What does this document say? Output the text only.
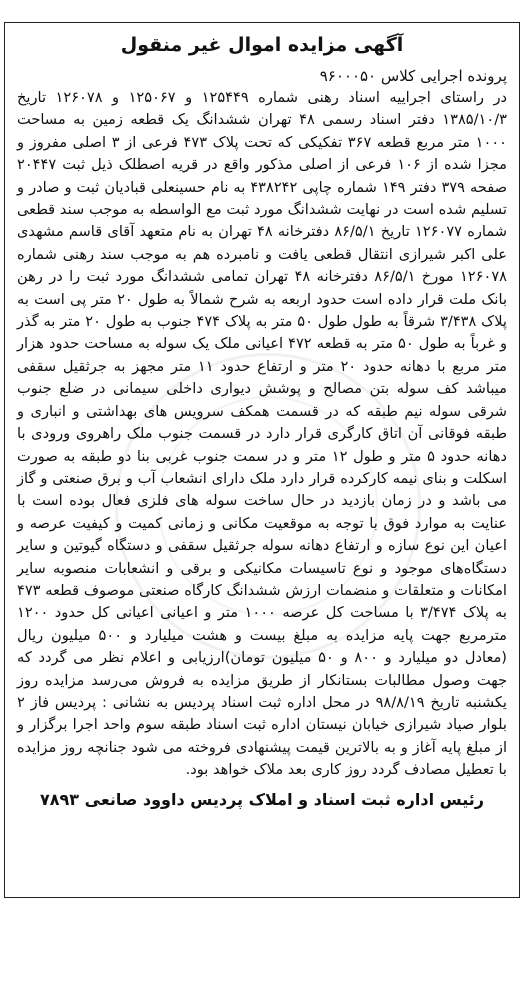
آگهی مزایده اموال غیر منقول

پرونده اجرایی کلاس ۹۶۰۰۰۵۰

در راستای اجراییه اسناد رهنی شماره ۱۲۵۴۴۹ و ۱۲۵۰۶۷ و ۱۲۶۰۷۸ تاریخ ۱۳۸۵/۱۰/۳ دفتر اسناد رسمی ۴۸ تهران ششدانگ یک قطعه زمین به مساحت ۱۰۰۰ متر مربع قطعه ۳۶۷ تفکیکی که تحت پلاک ۴۷۳ فرعی از ۳ اصلی مفروز و مجزا شده از ۱۰۶ فرعی از اصلی مذکور واقع در قریه اصطلک ذیل ثبت ۲۰۴۴۷ صفحه ۳۷۹ دفتر ۱۴۹ شماره چاپی ۴۳۸۲۴۲ به نام حسینعلی قبادیان ثبت و صادر و تسلیم شده است در نهایت ششدانگ مورد ثبت مع الواسطه به موجب سند قطعی شماره ۱۲۶۰۷۷ تاریخ ۸۶/۵/۱ دفترخانه ۴۸ تهران به نام متعهد آقای قاسم مشهدی علی اکبر شیرازی انتقال قطعی یافت و نامبرده هم به موجب سند رهنی شماره ۱۲۶۰۷۸ مورخ ۸۶/۵/۱ دفترخانه ۴۸ تهران تمامی ششدانگ مورد ثبت را در رهن بانک ملت قرار داده است حدود اربعه به شرح شمالاً به طول ۲۰ متر پی است به پلاک ۳/۴۳۸ شرقاً به طول طول ۵۰ متر به پلاک ۴۷۴ جنوب به طول ۲۰ متر به گذر و غرباً به طول ۵۰ متر به قطعه ۴۷۲ اعیانی ملک یک سوله به مساحت حدود هزار متر مربع با دهانه حدود ۲۰ متر و ارتفاع حدود ۱۱ متر مجهز به جرثقیل سقفی میباشد کف سوله بتن مصالح و پوشش دیواری داخلی سیمانی در ضلع جنوب شرقی سوله نیم طبقه که در قسمت همکف سرویس های بهداشتی و انباری و طبقه فوقانی آن اتاق کارگری قرار دارد در قسمت جنوب ملک راهروی ورودی با دهانه حدود ۵ متر و طول ۱۲ متر و در سمت جنوب غربی بنا دو طبقه به صورت اسکلت و بنای نیمه کارکرده قرار دارد ملک دارای انشعاب آب و برق صنعتی و گاز می باشد و در زمان بازدید در حال ساخت سوله های فلزی فعال بوده است با عنایت به موارد فوق با توجه به موقعیت مکانی و زمانی کمیت و کیفیت عرصه و اعیان این نوع سازه و ارتفاع دهانه سوله جرثقیل سقفی و دستگاه گیوتین و سایر دستگاه‌های موجود و نوع تاسیسات مکانیکی و برقی و انشعابات منصوبه سایر امکانات و متعلقات و منضمات ارزش ششدانگ کارگاه صنعتی موصوف قطعه ۴۷۳ به پلاک ۳/۴۷۴ با مساحت کل عرصه ۱۰۰۰ متر و اعیانی اعیانی کل حدود ۱۲۰۰ مترمربع جهت پایه مزایده به مبلغ بیست و هشت میلیارد و ۵۰۰ میلیون ریال (معادل دو میلیارد و ۸۰۰ و ۵۰ میلیون تومان)ارزیابی و اعلام نظر می گردد که جهت وصول مطالبات بستانکار از طریق مزایده به فروش می‌رسد مزایده روز یکشنبه تاریخ ۹۸/۸/۱۹ در محل اداره ثبت اسناد پردیس به نشانی : پردیس فاز ۲ بلوار صیاد شیرازی خیابان نیستان اداره ثبت اسناد طبقه سوم واحد اجرا برگزار و از مبلغ پایه آغاز و به بالاترین قیمت پیشنهادی فروخته می شود جنانچه روز مزایده با تعطیل مصادف گردد روز کاری بعد ملاک خواهد بود.

رئیس اداره ثبت اسناد و املاک پردیس داوود صانعی ۷۸۹۳
